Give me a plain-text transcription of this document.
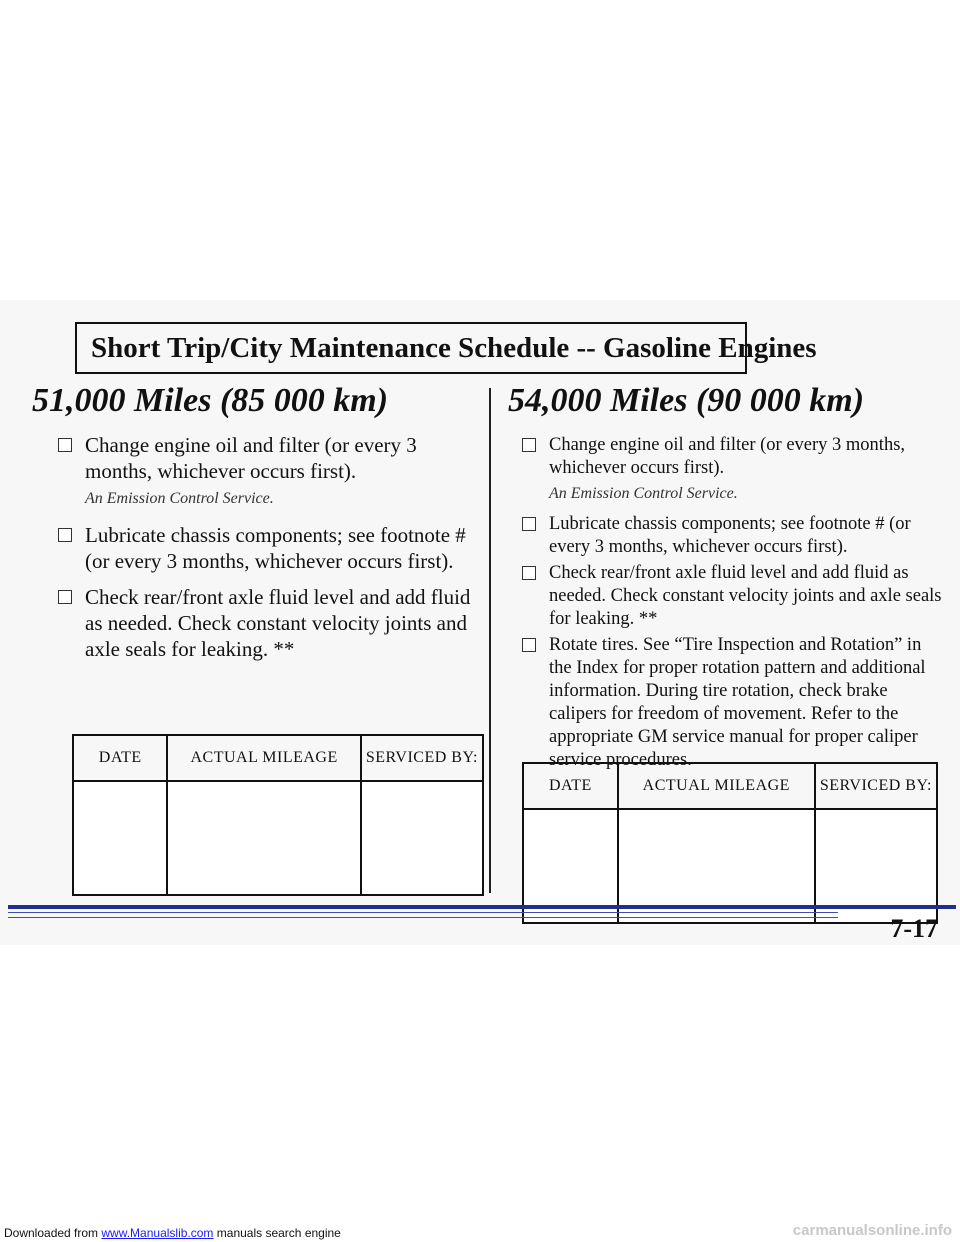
Short Trip/City Maintenance Schedule -- Gasoline Engines
51,000 Miles (85 000 km)	54,000 Miles (90 000 km)
Change engine oil and filter (or every 3 months, whichever occurs first).
An Emission Control Service.
Lubricate chassis components; see footnote # (or every 3 months, whichever occurs first).
Check rear/front axle fluid level and add fluid as needed. Check constant velocity joints and axle seals for leaking. **
DATE	ACTUAL MILEAGE	SERVICED BY:

Change engine oil and filter (or every 3 months, whichever occurs first).
An Emission Control Service.
Lubricate chassis components; see footnote # (or every 3 months, whichever occurs first).
Check rear/front axle fluid level and add fluid as needed. Check constant velocity joints and axle seals for leaking. **
Rotate tires. See “Tire Inspection and Rotation” in the Index for proper rotation pattern and additional information. During tire rotation, check brake calipers for freedom of movement. Refer to the appropriate GM service manual for proper caliper service procedures.
DATE	ACTUAL MILEAGE	SERVICED BY:

7-17
Downloaded from www.Manualslib.com manuals search engine	carmanualsonline.info
